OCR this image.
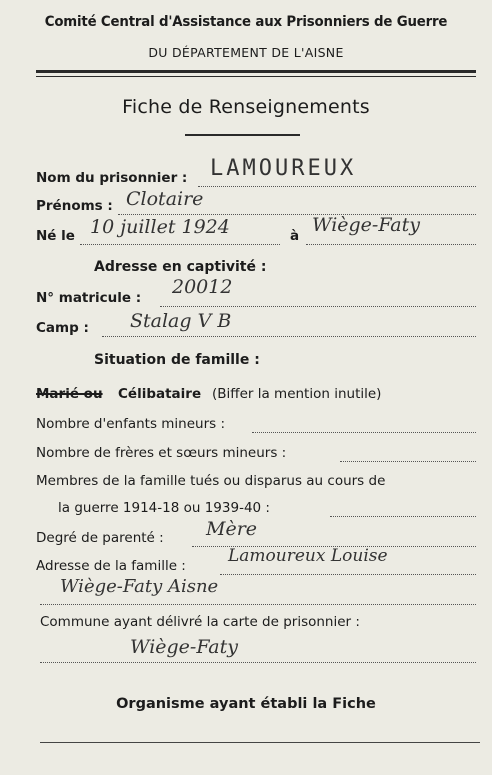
Comité Central d'Assistance aux Prisonniers de Guerre
DU DÉPARTEMENT DE L'AISNE
Fiche de Renseignements
Nom du prisonnier : LAMOUREUX
Prénoms : Clotaire
Né le 10 juillet 1924	à Wiège-Faty
Adresse en captivité :
N° matricule : 20012
Camp : Stalag V B
Situation de famille :
Marié ou Célibataire (Biffer la mention inutile)
Nombre d'enfants mineurs :
Nombre de frères et sœurs mineurs :
Membres de la famille tués ou disparus au cours de
la guerre 1914-18 ou 1939-40 :
Degré de parenté : Mère
Adresse de la famille : Lamoureux Louise
Wiège-Faty Aisne
Commune ayant délivré la carte de prisonnier :
Wiège-Faty
Organisme ayant établi la Fiche
